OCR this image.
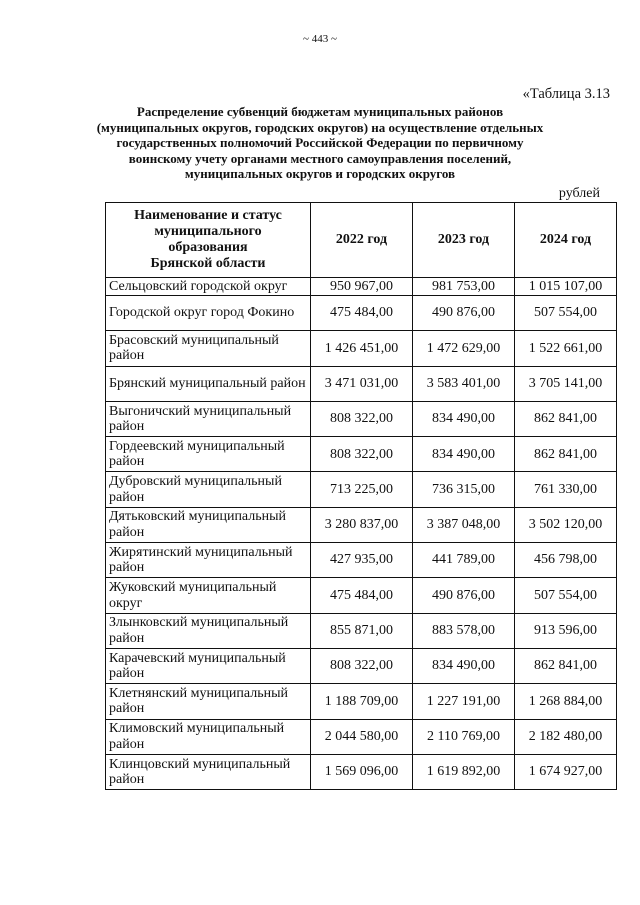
~ 443 ~
«Таблица 3.13
Распределение субвенций бюджетам муниципальных районов
(муниципальных округов, городских округов) на осуществление отдельных
государственных полномочий Российской Федерации по первичному
воинскому учету органами местного самоуправления поселений,
муниципальных округов и городских округов
рублей
Наименование и статус
муниципального
образования
Брянской области	2022 год	2023 год	2024 год
Сельцовский городской округ	950 967,00	981 753,00	1 015 107,00
Городской округ город Фокино	475 484,00	490 876,00	507 554,00
Брасовский муниципальный район	1 426 451,00	1 472 629,00	1 522 661,00
Брянский муниципальный район	3 471 031,00	3 583 401,00	3 705 141,00
Выгоничский муниципальный район	808 322,00	834 490,00	862 841,00
Гордеевский муниципальный район	808 322,00	834 490,00	862 841,00
Дубровский муниципальный район	713 225,00	736 315,00	761 330,00
Дятьковский муниципальный район	3 280 837,00	3 387 048,00	3 502 120,00
Жирятинский муниципальный район	427 935,00	441 789,00	456 798,00
Жуковский муниципальный округ	475 484,00	490 876,00	507 554,00
Злынковский муниципальный район	855 871,00	883 578,00	913 596,00
Карачевский муниципальный район	808 322,00	834 490,00	862 841,00
Клетнянский муниципальный район	1 188 709,00	1 227 191,00	1 268 884,00
Климовский муниципальный район	2 044 580,00	2 110 769,00	2 182 480,00
Клинцовский муниципальный район	1 569 096,00	1 619 892,00	1 674 927,00
